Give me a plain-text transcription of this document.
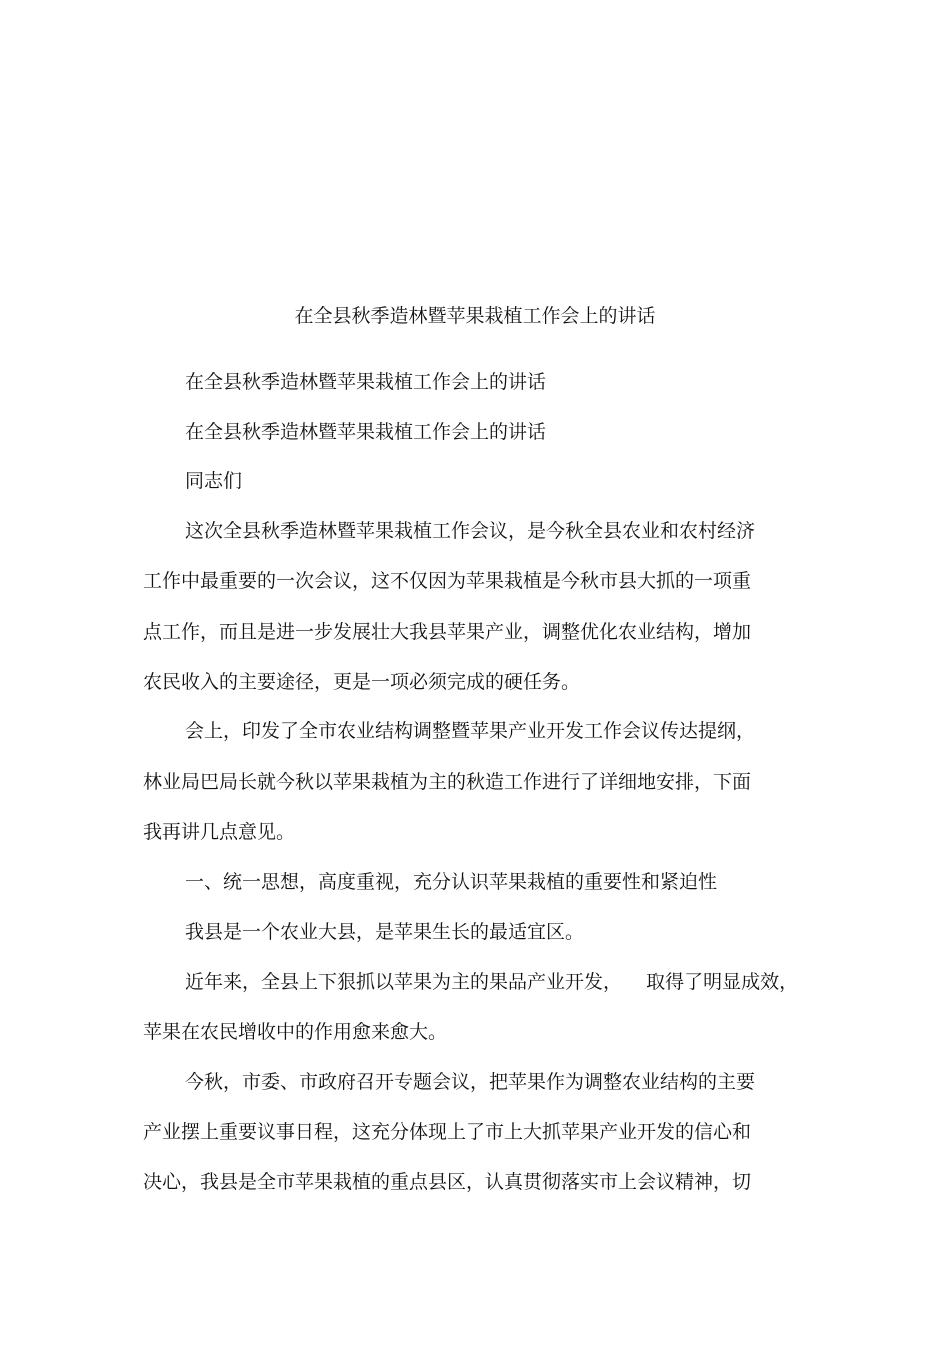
在全县秋季造林暨苹果栽植工作会上的讲话
在全县秋季造林暨苹果栽植工作会上的讲话
在全县秋季造林暨苹果栽植工作会上的讲话
同志们
这次全县秋季造林暨苹果栽植工作会议，是今秋全县农业和农村经济
工作中最重要的一次会议，这不仅因为苹果栽植是今秋市县大抓的一项重
点工作，而且是进一步发展壮大我县苹果产业，调整优化农业结构，增加
农民收入的主要途径，更是一项必须完成的硬任务。
会上，印发了全市农业结构调整暨苹果产业开发工作会议传达提纲，
林业局巴局长就今秋以苹果栽植为主的秋造工作进行了详细地安排，下面
我再讲几点意见。
一、统一思想，高度重视，充分认识苹果栽植的重要性和紧迫性
我县是一个农业大县，是苹果生长的最适宜区。
近年来，全县上下狠抓以苹果为主的果品产业开发，    取得了明显成效，
苹果在农民增收中的作用愈来愈大。
今秋，市委、市政府召开专题会议，把苹果作为调整农业结构的主要
产业摆上重要议事日程，这充分体现上了市上大抓苹果产业开发的信心和
决心，我县是全市苹果栽植的重点县区，认真贯彻落实市上会议精神，切
